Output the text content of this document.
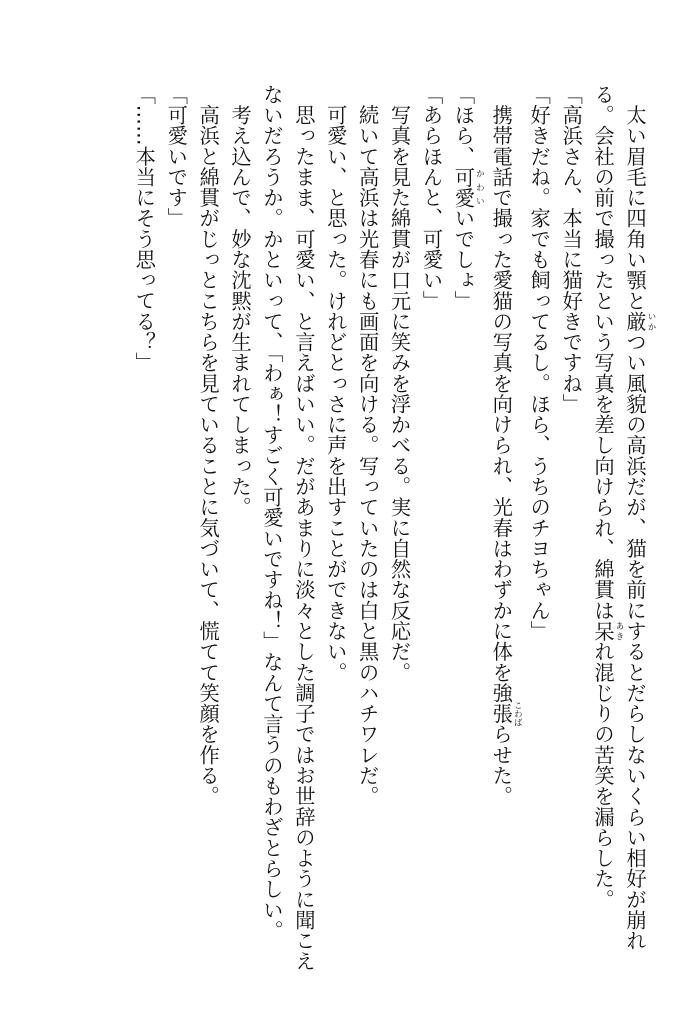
太い眉毛に四角い顎と厳 いかつい風貌の高浜だが、猫を前にするとだらしないくらい相好が崩れる。会社の前で撮ったという写真を差し向けられ、綿貫は呆 あきれ混じりの苦笑を漏らした。

「高浜さん、本当に猫好きですね」

「好きだね。家でも飼ってるし。ほら、うちのチヨちゃん」

携帯電話で撮った愛猫の写真を向けられ、光春はわずかに体を強張 こわばらせた。

「ほら、可愛 かわいいでしょ」

「あらほんと、可愛い」

写真を見た綿貫が口元に笑みを浮かべる。実に自然な反応だ。

続いて高浜は光春にも画面を向ける。写っていたのは白と黒のハチワレだ。

可愛い、と思った。けれどとっさに声を出すことができない。

思ったまま、可愛い、と言えばいい。だがあまりに淡々とした調子ではお世辞のように聞こえないだろうか。かといって、「わぁ！すごく可愛いですね！」なんて言うのもわざとらしい。

考え込んで、妙な沈黙が生まれてしまった。

高浜と綿貫がじっとこちらを見ていることに気づいて、慌てて笑顔を作る。

「可愛いです」

「……本当にそう思ってる？」
